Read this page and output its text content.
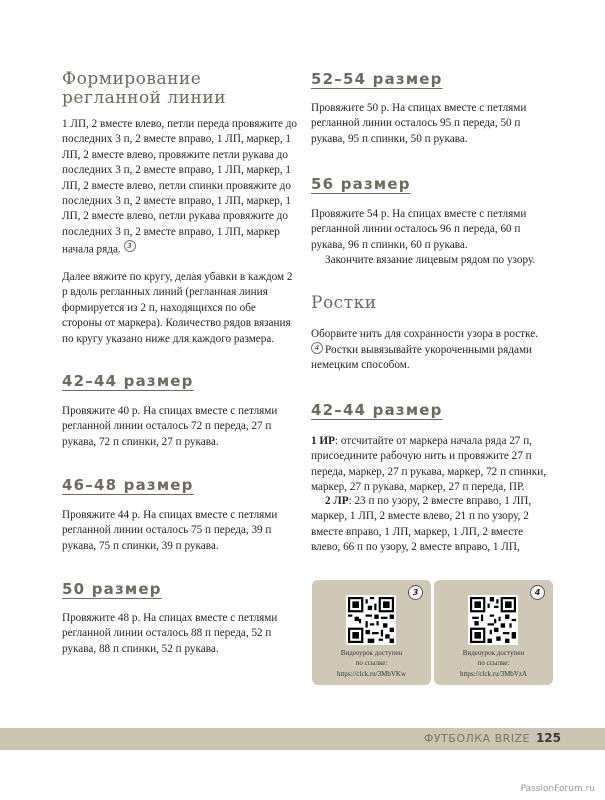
Формирование
регланной линии

1 ЛП, 2 вместе влево, петли переда провяжите до последних 3 п, 2 вместе вправо, 1 ЛП, маркер, 1 ЛП, 2 вместе влево, провяжите петли рукава до последних 3 п, 2 вместе вправо, 1 ЛП, маркер, 1 ЛП, 2 вместе влево, петли спинки провяжите до последних 3 п, 2 вместе вправо, 1 ЛП, маркер, 1 ЛП, 2 вместе влево, петли рукава провяжите до последних 3 п, 2 вместе вправо, 1 ЛП, маркер начала ряда. 3

Далее вяжите по кругу, делая убавки в каждом 2 р вдоль регланных линий (регланная линия формируется из 2 п, находящихся по обе стороны от маркера). Количество рядов вязания по кругу указано ниже для каждого размера.

42–44 размер

Провяжите 40 р. На спицах вместе с петлями регланной линии осталось 72 п переда, 27 п рукава, 72 п спинки, 27 п рукава.

46–48 размер

Провяжите 44 р. На спицах вместе с петлями регланной линии осталось 75 п переда, 39 п рукава, 75 п спинки, 39 п рукава.

50 размер

Провяжите 48 р. На спицах вместе с петлями регланной линии осталось 88 п переда, 52 п рукава, 88 п спинки, 52 п рукава.

52–54 размер

Провяжите 50 р. На спицах вместе с петлями регланной линии осталось 95 п переда, 50 п рукава, 95 п спинки, 50 п рукава.

56 размер

Провяжите 54 р. На спицах вместе с петлями регланной линии осталось 96 п переда, 60 п рукава, 96 п спинки, 60 п рукава.

Закончите вязание лицевым рядом по узору.

Ростки

Оборвите нить для сохранности узора в ростке. 4 Ростки вывязывайте укороченными рядами немецким способом.

42–44 размер

1 ИР: отсчитайте от маркера начала ряда 27 п, присоедините рабочую нить и провяжите 27 п переда, маркер, 27 п рукава, маркер, 72 п спинки, маркер, 27 п рукава, маркер, 27 п переда, ПР.

2 ЛР: 23 п по узору, 2 вместе вправо, 1 ЛП, маркер, 1 ЛП, 2 вместе влево, 21 п по узору, 2 вместе вправо, 1 ЛП, маркер, 1 ЛП, 2 вместе влево, 66 п по узору, 2 вместе вправо, 1 ЛП,

3
Видеоурок доступен
по ссылке:
https://clck.ru/3MbVKw
4
Видеоурок доступен
по ссылке:
https://clck.ru/3MbVzA
ФУТБОЛКА BRIZE 125
PassionForum.ru
